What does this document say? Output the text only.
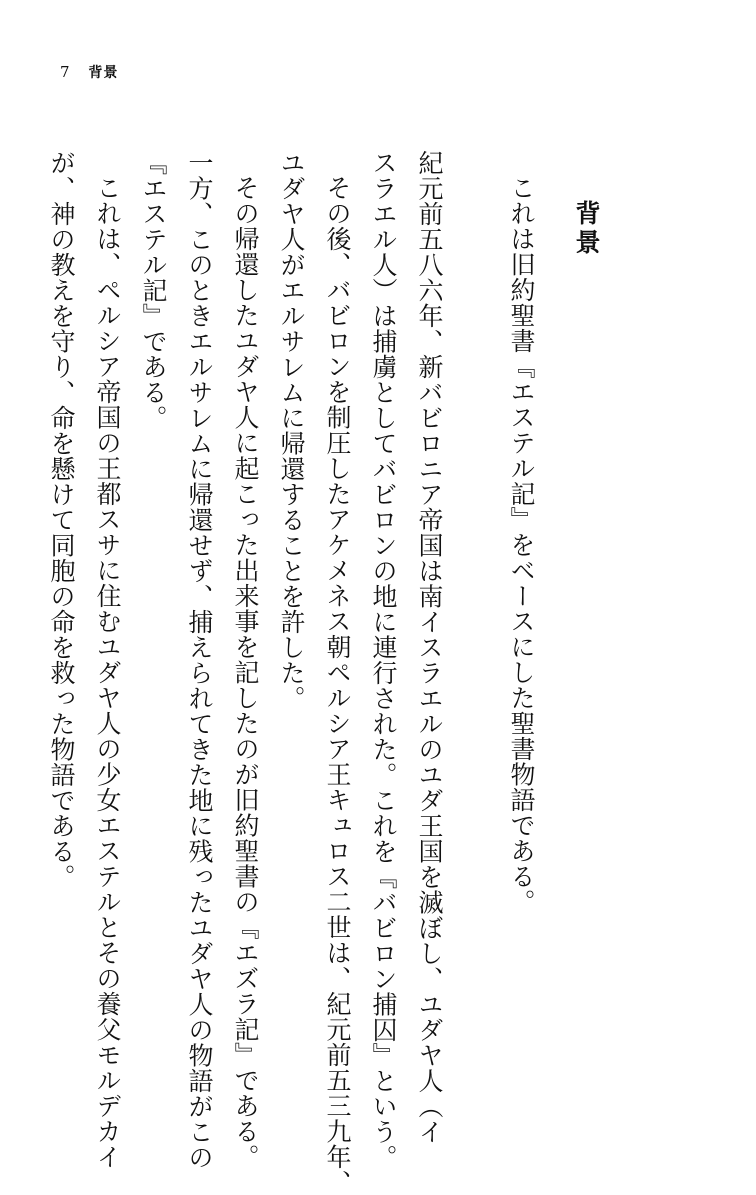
7 背景
背景
これは旧約聖書『エステル記』をベースにした聖書物語である。
紀元前五八六年、新バビロニア帝国は南イスラエルのユダ王国を滅ぼし、ユダヤ人（イ
スラエル人）は捕虜としてバビロンの地に連行された。これを『バビロン捕囚』という。
その後、バビロンを制圧したアケメネス朝ペルシア王キュロス二世は、紀元前五三九年、
ユダヤ人がエルサレムに帰還することを許した。
その帰還したユダヤ人に起こった出来事を記したのが旧約聖書の『エズラ記』である。
一方、このときエルサレムに帰還せず、捕えられてきた地に残ったユダヤ人の物語がこの
『エステル記』である。
これは、ペルシア帝国の王都スサに住むユダヤ人の少女エステルとその養父モルデカイ
が、神の教えを守り、命を懸けて同胞の命を救った物語である。
